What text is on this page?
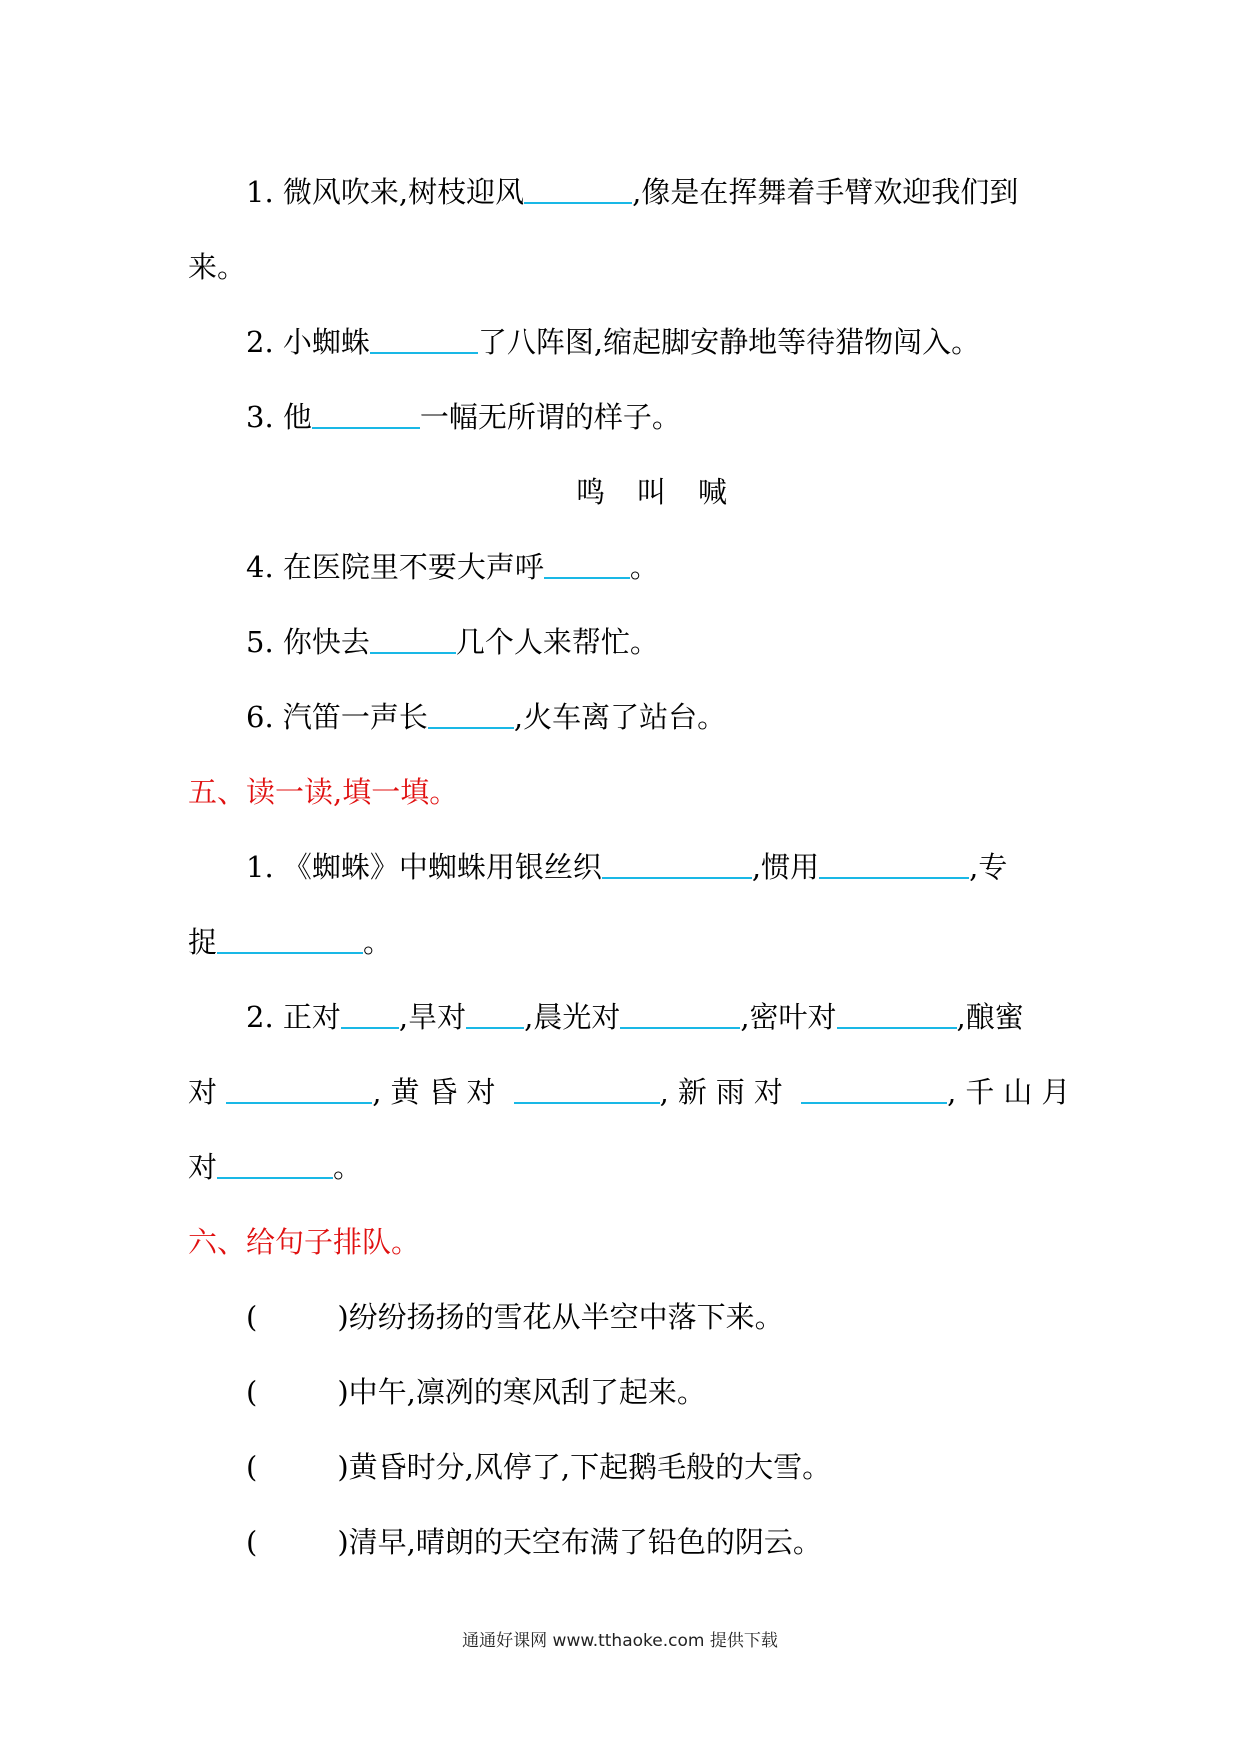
1. 微风吹来,树枝迎风	,像是在挥舞着手臂欢迎我们到
来。
2. 小蜘蛛	了八阵图,缩起脚安静地等待猎物闯入。
3. 他	一幅无所谓的样子。
鸣 叫 喊
4. 在医院里不要大声呼	。
5. 你快去	几个人来帮忙。
6. 汽笛一声长	,火车离了站台。
五、读一读,填一填。
1. 《蜘蛛》中蜘蛛用银丝织	,惯用	,专
捉	。
2. 正对 ,旱对 ,晨光对	,密叶对	,酿蜜
对	,黄昏对	,新雨对	,千山月
对	。
六、给句子排队。
(	)纷纷扬扬的雪花从半空中落下来。
(	)中午,凛冽的寒风刮了起来。
(	)黄昏时分,风停了,下起鹅毛般的大雪。
(	)清早,晴朗的天空布满了铅色的阴云。
通通好课网 www.tthaoke.com 提供下载
